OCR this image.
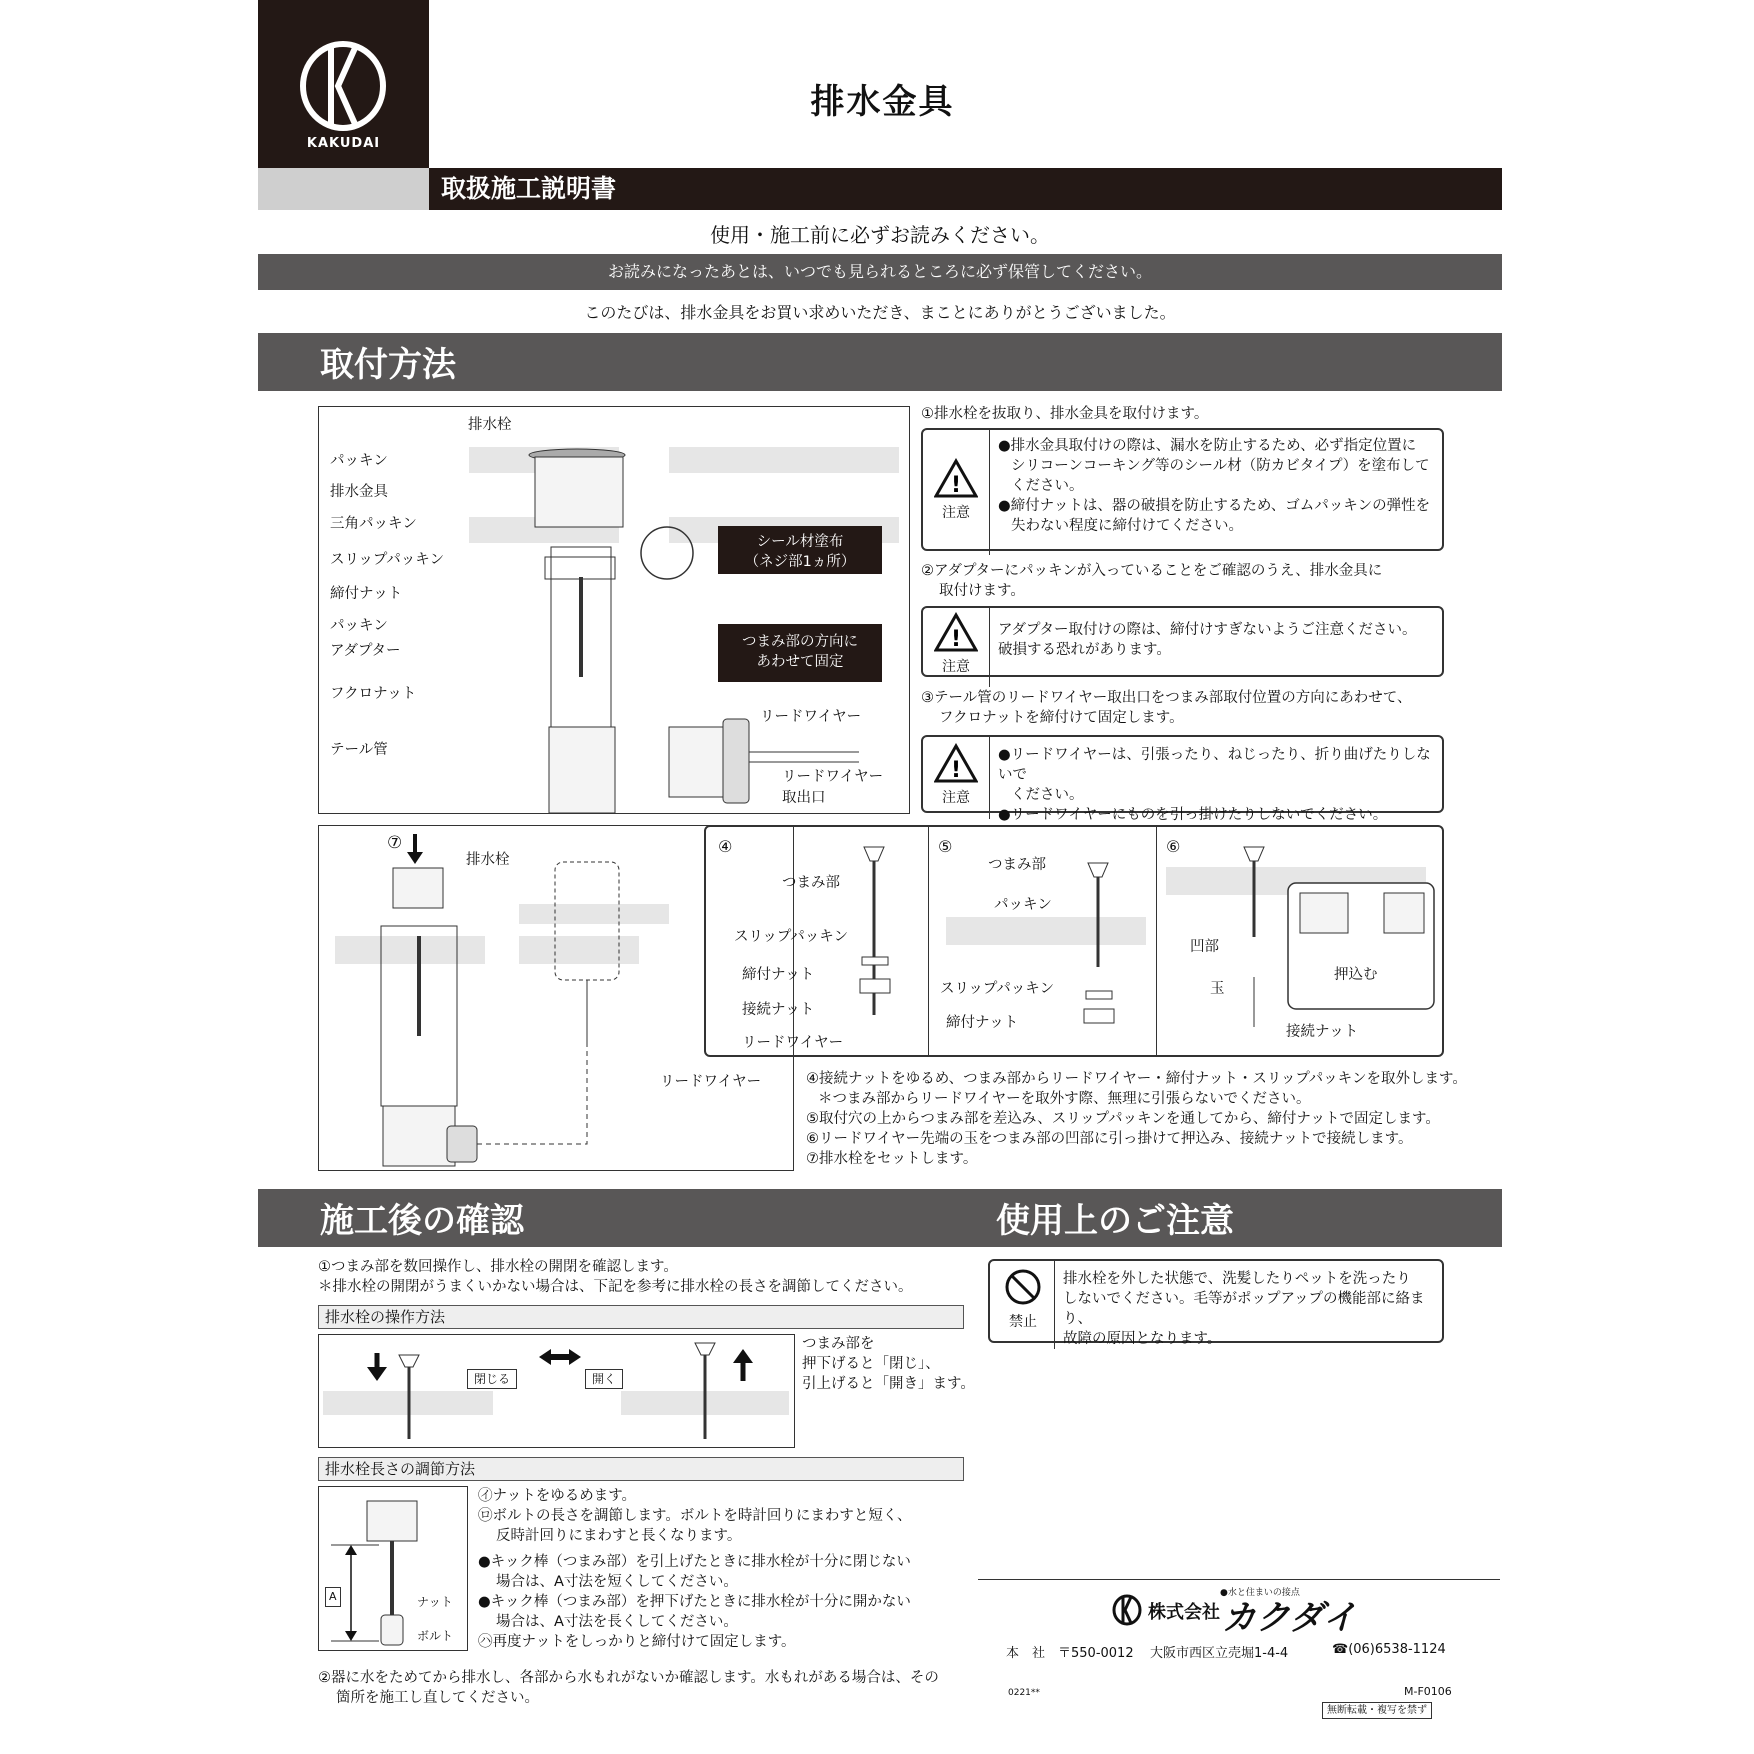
KAKUDAI
排水金具
取扱施工説明書
使用・施工前に必ずお読みください。
お読みになったあとは、いつでも見られるところに必ず保管してください。
このたびは、排水金具をお買い求めいただき、まことにありがとうございました。
取付方法
排水栓
パッキン
排水金具
三角パッキン
スリップパッキン
締付ナット
パッキン
アダプター
フクロナット
テール管
リードワイヤー
リードワイヤー
取出口
シール材塗布
（ネジ部1ヵ所）
つまみ部の方向に
あわせて固定
①排水栓を抜取り、排水金具を取付けます。
!
注意
●排水金具取付けの際は、漏水を防止するため、必ず指定位置に
シリコーンコーキング等のシール材（防カビタイプ）を塗布して
ください。
●締付ナットは、器の破損を防止するため、ゴムパッキンの弾性を
失わない程度に締付けてください。
②アダプターにパッキンが入っていることをご確認のうえ、排水金具に
取付けます。
!
注意
アダプター取付けの際は、締付けすぎないようご注意ください。
破損する恐れがあります。
③テール管のリードワイヤー取出口をつまみ部取付位置の方向にあわせて、
フクロナットを締付けて固定します。
!
注意
●リードワイヤーは、引張ったり、ねじったり、折り曲げたりしないで
ください。
●リードワイヤーにものを引っ掛けたりしないでください。
⑦
排水栓
リードワイヤー
④
つまみ部
スリップパッキン
締付ナット
接続ナット
リードワイヤー
⑤
つまみ部
パッキン
スリップパッキン
締付ナット
⑥
凹部
玉
押込む
接続ナット
④接続ナットをゆるめ、つまみ部からリードワイヤー・締付ナット・スリップパッキンを取外します。
＊つまみ部からリードワイヤーを取外す際、無理に引張らないでください。
⑤取付穴の上からつまみ部を差込み、スリップパッキンを通してから、締付ナットで固定します。
⑥リードワイヤー先端の玉をつまみ部の凹部に引っ掛けて押込み、接続ナットで接続します。
⑦排水栓をセットします。
施工後の確認	使用上のご注意
①つまみ部を数回操作し、排水栓の開閉を確認します。
＊排水栓の開閉がうまくいかない場合は、下記を参考に排水栓の長さを調節してください。
排水栓の操作方法
閉じる	開く
つまみ部を
押下げると「閉じ」、
引上げると「開き」ます。
排水栓長さの調節方法
A	ナット
ボルト
㋑ナットをゆるめます。
㋺ボルトの長さを調節します。ボルトを時計回りにまわすと短く、
反時計回りにまわすと長くなります。
●キック棒（つまみ部）を引上げたときに排水栓が十分に閉じない
場合は、A寸法を短くしてください。
●キック棒（つまみ部）を押下げたときに排水栓が十分に開かない
場合は、A寸法を長くしてください。
㋩再度ナットをしっかりと締付けて固定します。
②器に水をためてから排水し、各部から水もれがないか確認します。水もれがある場合は、その
箇所を施工し直してください。
禁止
排水栓を外した状態で、洗髪したりペットを洗ったり
しないでください。毛等がポップアップの機能部に絡まり、
故障の原因となります。
●水と住まいの接点
株式会社 カクダイ
本　社 〒550-0012 大阪市西区立売堀1-4-4	☎(06)6538-1124
0221**	M-F0106
無断転載・複写を禁ず
